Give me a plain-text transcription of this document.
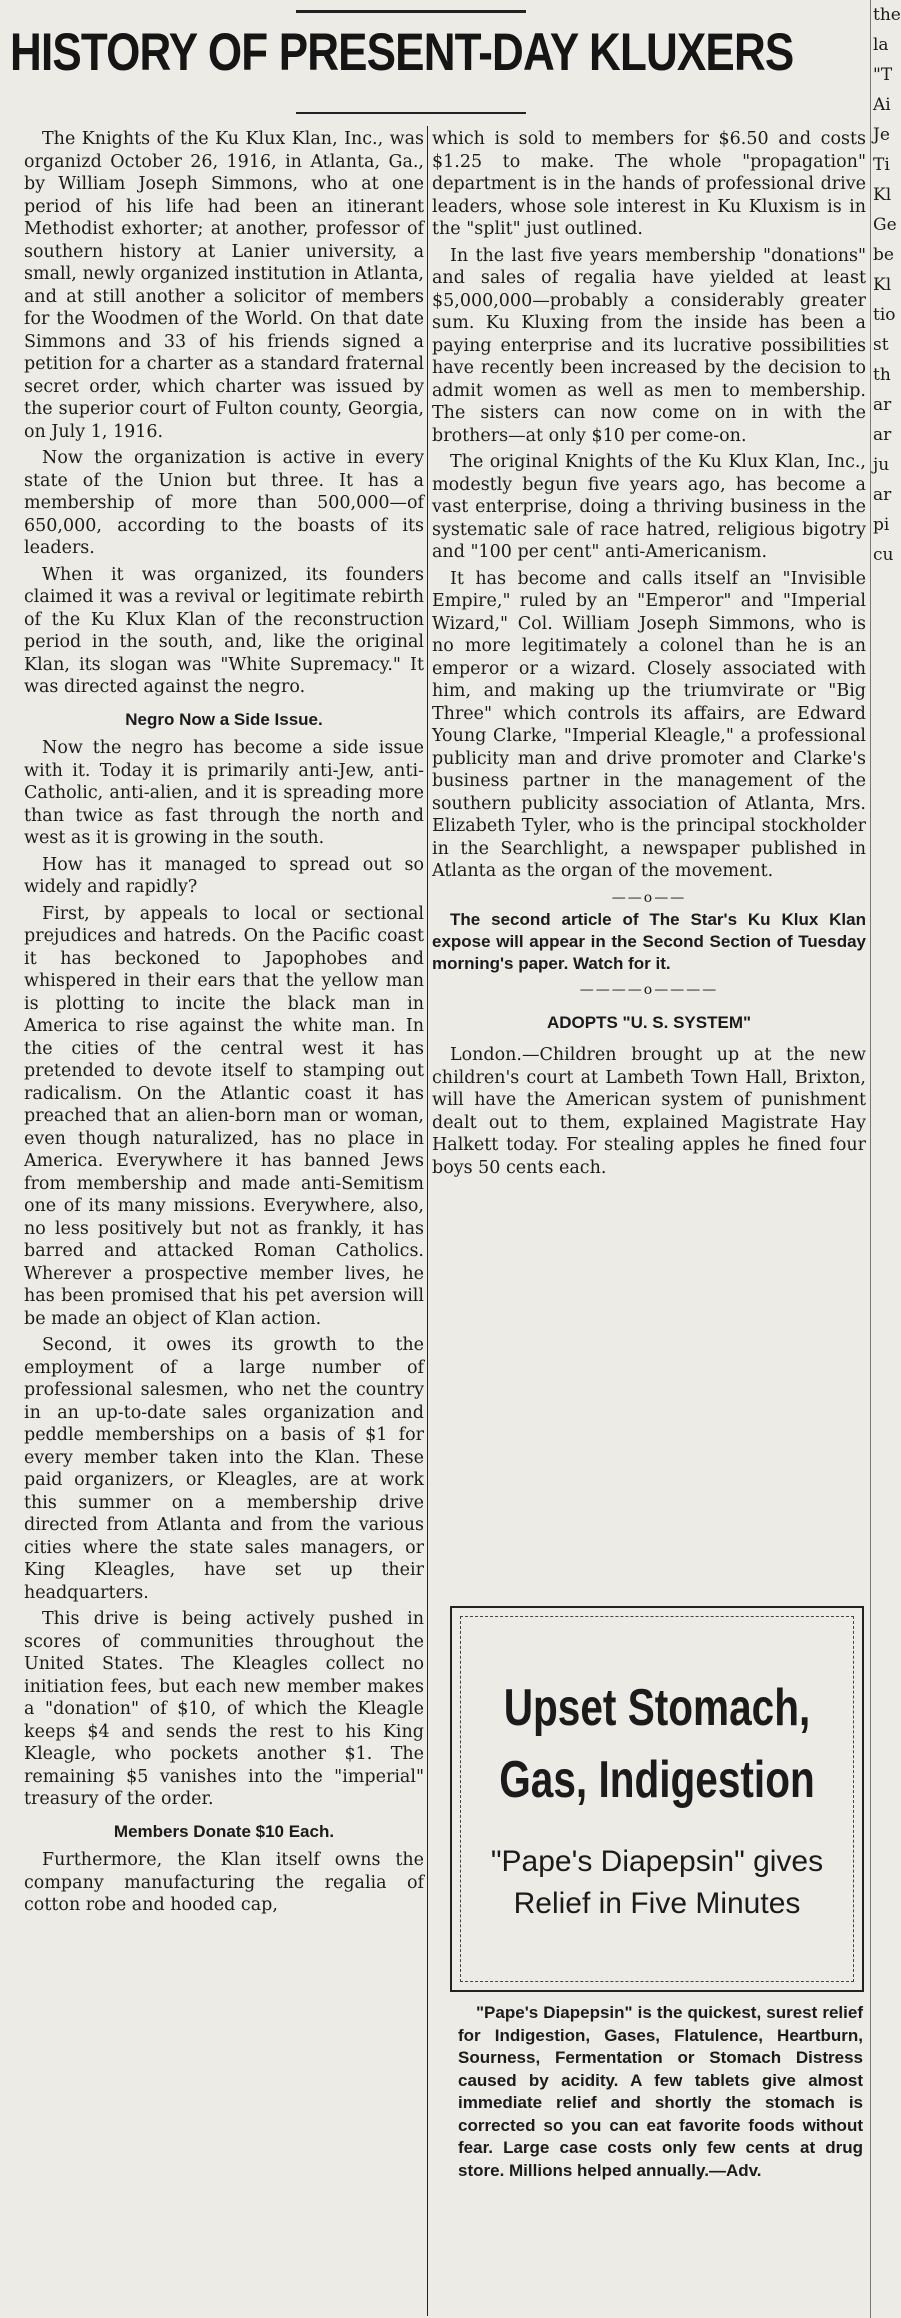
HISTORY OF PRESENT-DAY KLUXERS

The Knights of the Ku Klux Klan, Inc., was organizd October 26, 1916, in Atlanta, Ga., by William Joseph Simmons, who at one period of his life had been an itinerant Methodist exhorter; at another, professor of southern history at Lanier university, a small, newly organized institution in Atlanta, and at still another a solicitor of members for the Woodmen of the World. On that date Simmons and 33 of his friends signed a petition for a charter as a standard fraternal secret order, which charter was issued by the superior court of Fulton county, Georgia, on July 1, 1916.

Now the organization is active in every state of the Union but three. It has a membership of more than 500,000—of 650,000, according to the boasts of its leaders.

When it was organized, its founders claimed it was a revival or legitimate rebirth of the Ku Klux Klan of the reconstruction period in the south, and, like the original Klan, its slogan was "White Supremacy." It was directed against the negro.

Negro Now a Side Issue.

Now the negro has become a side issue with it. Today it is primarily anti-Jew, anti-Catholic, anti-alien, and it is spreading more than twice as fast through the north and west as it is growing in the south.

How has it managed to spread out so widely and rapidly?

First, by appeals to local or sectional prejudices and hatreds. On the Pacific coast it has beckoned to Japophobes and whispered in their ears that the yellow man is plotting to incite the black man in America to rise against the white man. In the cities of the central west it has pretended to devote itself to stamping out radicalism. On the Atlantic coast it has preached that an alien-born man or woman, even though naturalized, has no place in America. Everywhere it has banned Jews from membership and made anti-Semitism one of its many missions. Everywhere, also, no less positively but not as frankly, it has barred and attacked Roman Catholics. Wherever a prospective member lives, he has been promised that his pet aversion will be made an object of Klan action.

Second, it owes its growth to the employment of a large number of professional salesmen, who net the country in an up-to-date sales organization and peddle memberships on a basis of $1 for every member taken into the Klan. These paid organizers, or Kleagles, are at work this summer on a membership drive directed from Atlanta and from the various cities where the state sales managers, or King Kleagles, have set up their headquarters.

This drive is being actively pushed in scores of communities throughout the United States. The Kleagles collect no initiation fees, but each new member makes a "donation" of $10, of which the Kleagle keeps $4 and sends the rest to his King Kleagle, who pockets another $1. The remaining $5 vanishes into the "imperial" treasury of the order.

Members Donate $10 Each.

Furthermore, the Klan itself owns the company manufacturing the regalia of cotton robe and hooded cap,

which is sold to members for $6.50 and costs $1.25 to make. The whole "propagation" department is in the hands of professional drive leaders, whose sole interest in Ku Kluxism is in the "split" just outlined.

In the last five years membership "donations" and sales of regalia have yielded at least $5,000,000—probably a considerably greater sum. Ku Kluxing from the inside has been a paying enterprise and its lucrative possibilities have recently been increased by the decision to admit women as well as men to membership. The sisters can now come on in with the brothers—at only $10 per come-on.

The original Knights of the Ku Klux Klan, Inc., modestly begun five years ago, has become a vast enterprise, doing a thriving business in the systematic sale of race hatred, religious bigotry and "100 per cent" anti-Americanism.

It has become and calls itself an "Invisible Empire," ruled by an "Emperor" and "Imperial Wizard," Col. William Joseph Simmons, who is no more legitimately a colonel than he is an emperor or a wizard. Closely associated with him, and making up the triumvirate or "Big Three" which controls its affairs, are Edward Young Clarke, "Imperial Kleagle," a professional publicity man and drive promoter and Clarke's business partner in the management of the southern publicity association of Atlanta, Mrs. Elizabeth Tyler, who is the principal stockholder in the Searchlight, a newspaper published in Atlanta as the organ of the movement.

——o——

The second article of The Star's Ku Klux Klan expose will appear in the Second Section of Tuesday morning's paper. Watch for it.

————o————
ADOPTS "U. S. SYSTEM"

London.—Children brought up at the new children's court at Lambeth Town Hall, Brixton, will have the American system of punishment dealt out to them, explained Magistrate Hay Halkett today. For stealing apples he fined four boys 50 cents each.

Upset Stomach,
Gas, Indigestion
"Pape's Diapepsin" gives
Relief in Five Minutes
"Pape's Diapepsin" is the quickest, surest relief for Indigestion, Gases, Flatulence, Heartburn, Sourness, Fermentation or Stomach Distress caused by acidity. A few tablets give almost immediate relief and shortly the stomach is corrected so you can eat favorite foods without fear. Large case costs only few cents at drug store. Millions helped annually.—Adv.
the
la
"T
Ai
Je
Ti
Kl
Ge
be
Kl
tio
st
th
ar
ar
ju
ar
pi
cu
